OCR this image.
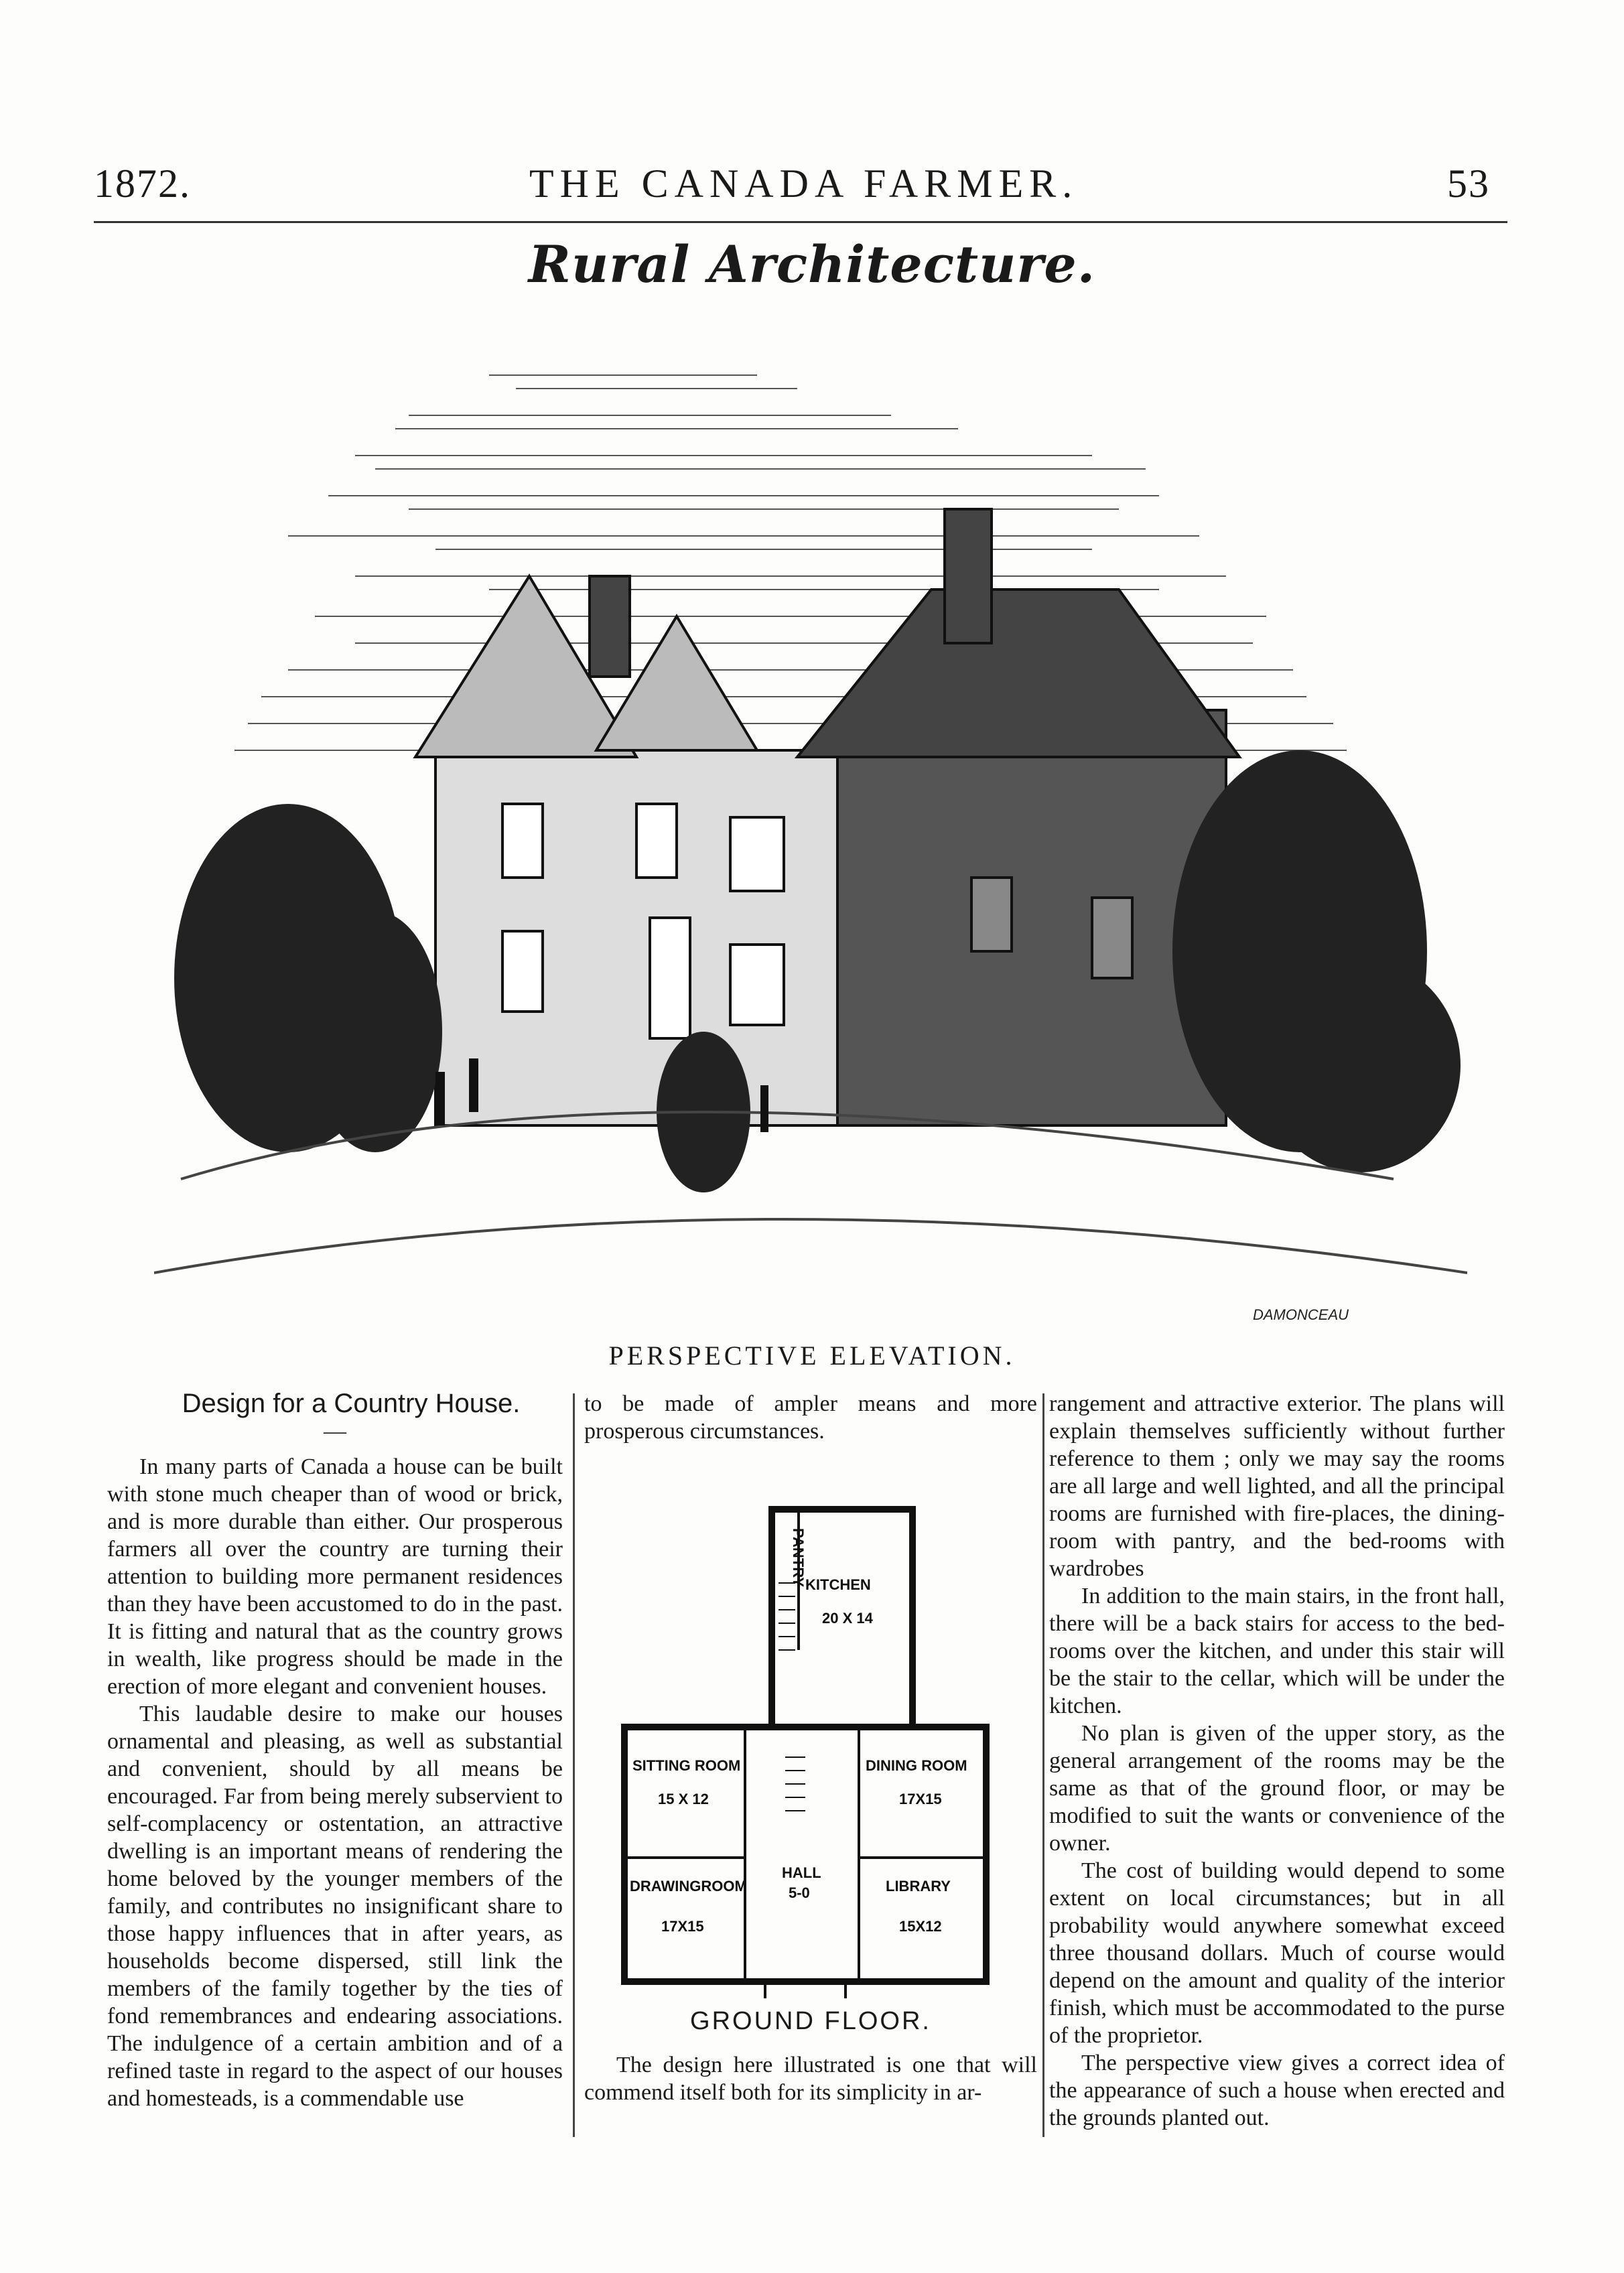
1872.	THE CANADA FARMER.	53
Rural Architecture.
DAMONCEAU
PERSPECTIVE ELEVATION.

Design for a Country House.

—

In many parts of Canada a house can be built with stone much cheaper than of wood or brick, and is more durable than either. Our prosperous farmers all over the country are turning their attention to building more permanent residences than they have been accustomed to do in the past. It is fitting and natural that as the country grows in wealth, like progress should be made in the erection of more elegant and convenient houses.

This laudable desire to make our houses ornamental and pleasing, as well as substantial and convenient, should by all means be encouraged. Far from being merely subservient to self-complacency or ostentation, an attractive dwelling is an important means of rendering the home beloved by the younger members of the family, and contributes no insignificant share to those happy influences that in after years, as households become dispersed, still link the members of the family together by the ties of fond remembrances and endearing associations. The indulgence of a certain ambition and of a refined taste in regard to the aspect of our houses and homesteads, is a commendable use

to be made of ampler means and more prosperous circumstances.

PANTRY
KITCHEN
20 X 14
SITTING ROOM
15 X 12
DINING ROOM
17X15
DRAWINGROOM
17X15
HALL
5-0	LIBRARY
15X12
GROUND FLOOR.

The design here illustrated is one that will commend itself both for its simplicity in ar-

rangement and attractive exterior. The plans will explain themselves sufficiently without further reference to them ; only we may say the rooms are all large and well lighted, and all the principal rooms are furnished with fire-places, the dining-room with pantry, and the bed-rooms with wardrobes

In addition to the main stairs, in the front hall, there will be a back stairs for access to the bed-rooms over the kitchen, and under this stair will be the stair to the cellar, which will be under the kitchen.

No plan is given of the upper story, as the general arrangement of the rooms may be the same as that of the ground floor, or may be modified to suit the wants or convenience of the owner.

The cost of building would depend to some extent on local circumstances; but in all probability would anywhere somewhat exceed three thousand dollars. Much of course would depend on the amount and quality of the interior finish, which must be accommodated to the purse of the proprietor.

The perspective view gives a correct idea of the appearance of such a house when erected and the grounds planted out.
